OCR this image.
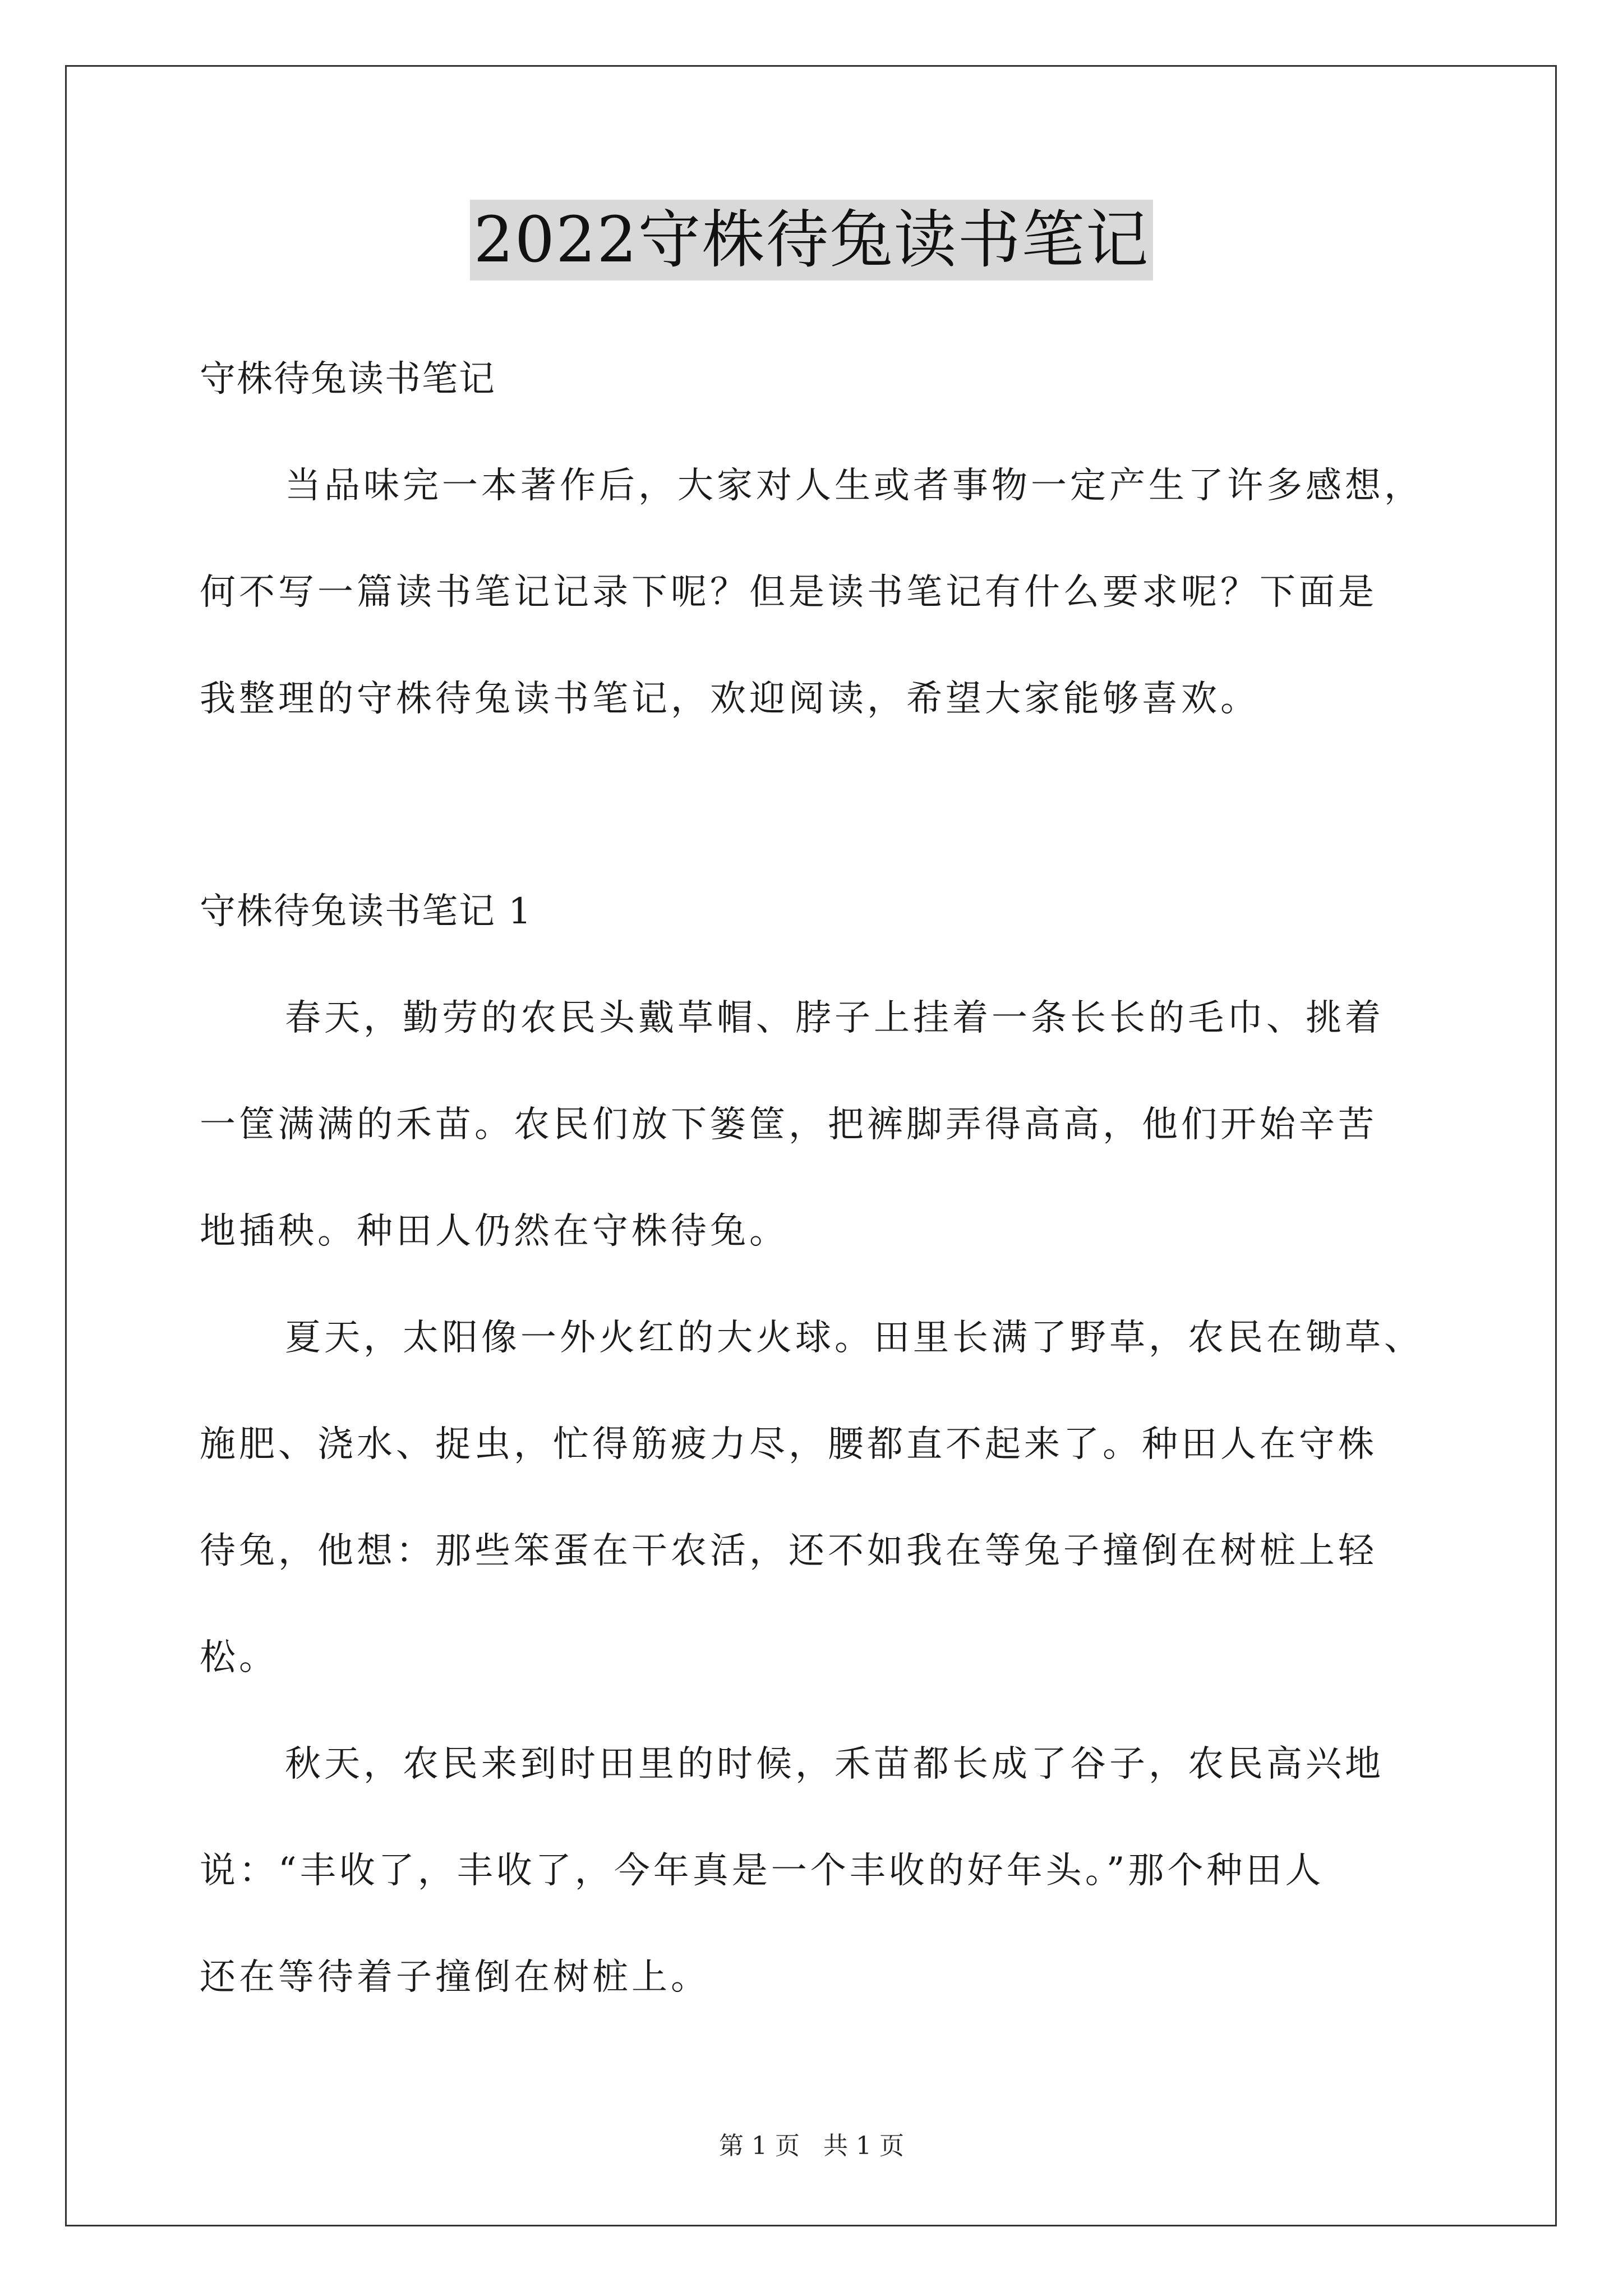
2022守株待兔读书笔记
守株待兔读书笔记
当品味完一本著作后，大家对人生或者事物一定产生了许多感想，
何不写一篇读书笔记记录下呢？但是读书笔记有什么要求呢？下面是
我整理的守株待兔读书笔记，欢迎阅读，希望大家能够喜欢。
守株待兔读书笔记 1
春天，勤劳的农民头戴草帽、脖子上挂着一条长长的毛巾、挑着
一筐满满的禾苗。农民们放下篓筐，把裤脚弄得高高，他们开始辛苦
地插秧。种田人仍然在守株待兔。
夏天，太阳像一外火红的大火球。田里长满了野草，农民在锄草、
施肥、浇水、捉虫，忙得筋疲力尽，腰都直不起来了。种田人在守株
待兔，他想：那些笨蛋在干农活，还不如我在等兔子撞倒在树桩上轻
松。
秋天，农民来到时田里的时候，禾苗都长成了谷子，农民高兴地
说：“丰收了，丰收了，今年真是一个丰收的好年头。”那个种田人
还在等待着子撞倒在树桩上。
第 1 页   共 1 页
